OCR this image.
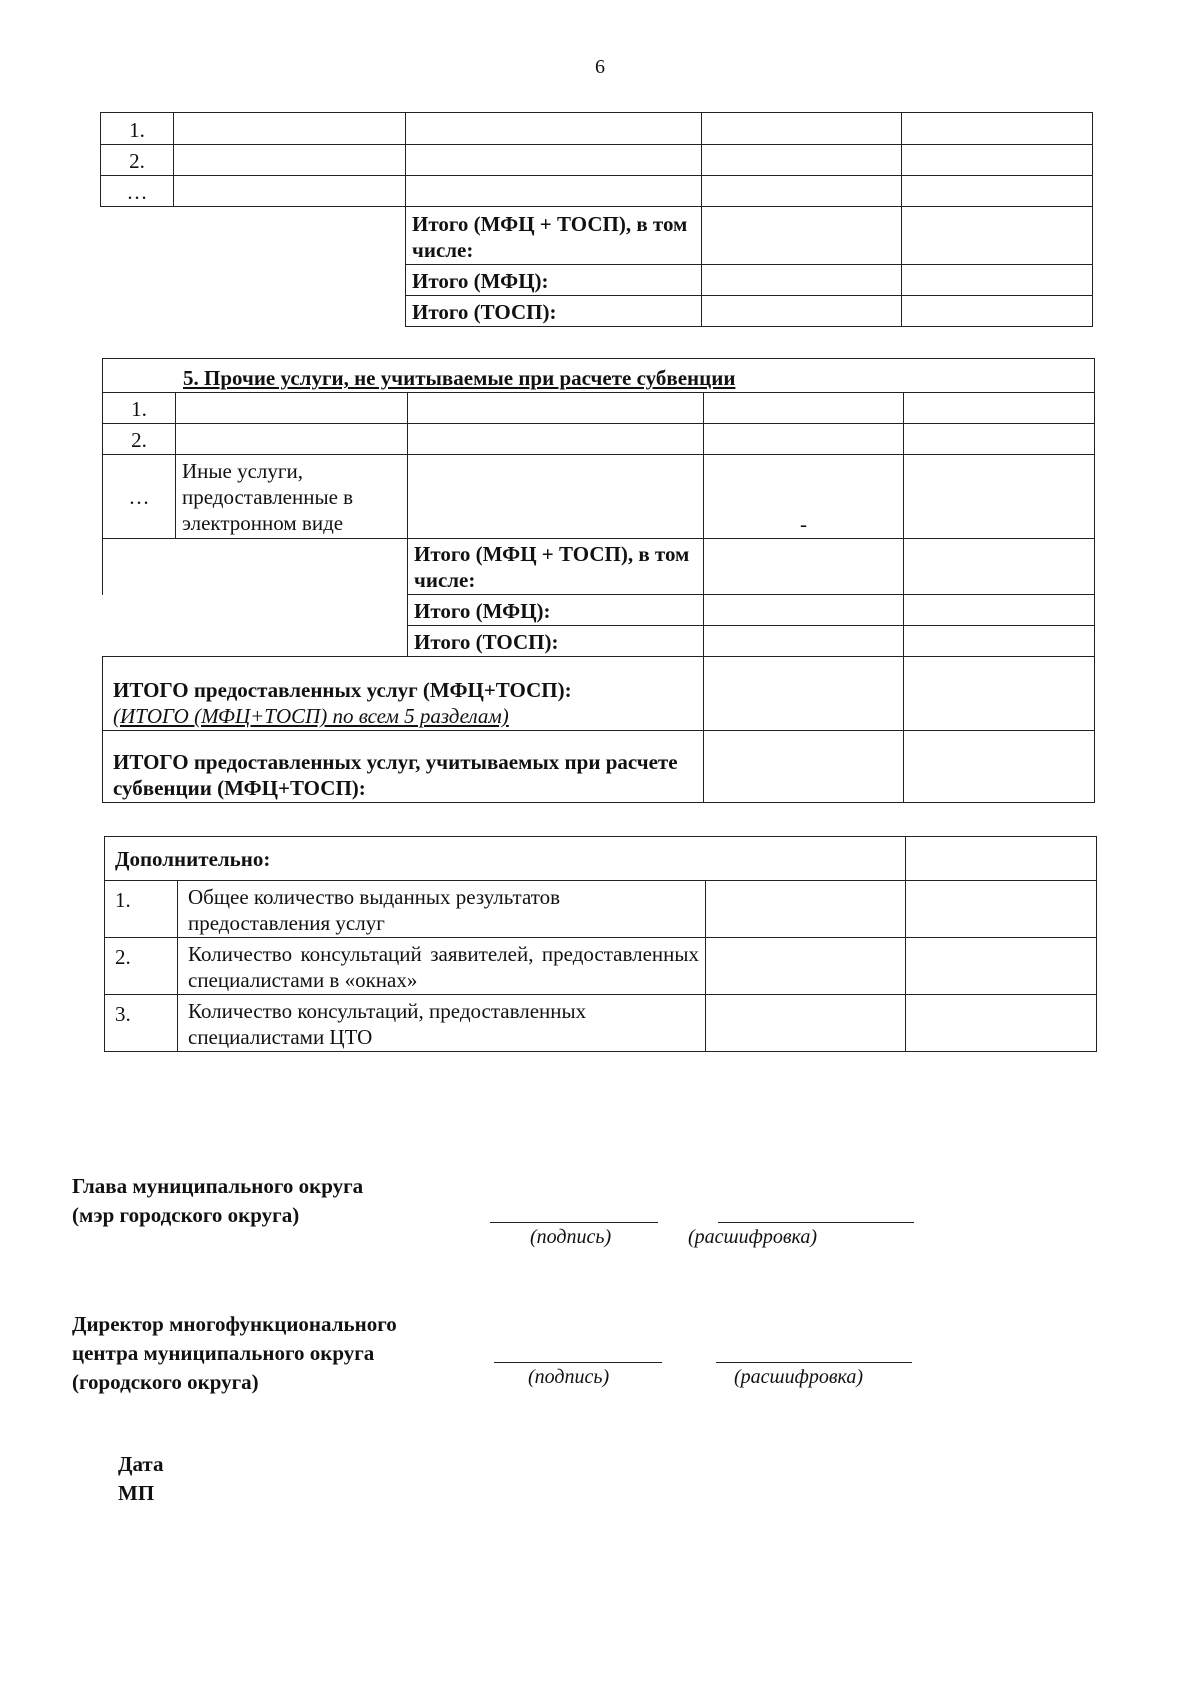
6
1.				
2.				
…				
		Итого (МФЦ + ТОСП), в том числе:		
		Итого (МФЦ):		
		Итого (ТОСП):		
5. Прочие услуги, не учитываемые при расчете субвенции				
1.				
2.				
…	Иные услуги, предоставленные в электронном виде		-	
		Итого (МФЦ + ТОСП), в том числе:		
		Итого (МФЦ):		
		Итого (ТОСП):		

ИТОГО предоставленных услуг (МФЦ+ТОСП):
(ИТОГО (МФЦ+ТОСП) по всем 5 разделам)				

ИТОГО предоставленных услуг, учитываемых при расчете субвенции (МФЦ+ТОСП):				
Дополнительно:			
1.	Общее количество выданных результатов предоставления услуг		
2.	Количество консультаций заявителей, предоставленных специалистами в «окнах»		
3.	Количество консультаций, предоставленных специалистами ЦТО		
Глава муниципального округа
(мэр городского округа)
(подпись)	(расшифровка)
Директор многофункционального
центра муниципального округа
(городского округа)	(подпись)	(расшифровка)
Дата
МП
